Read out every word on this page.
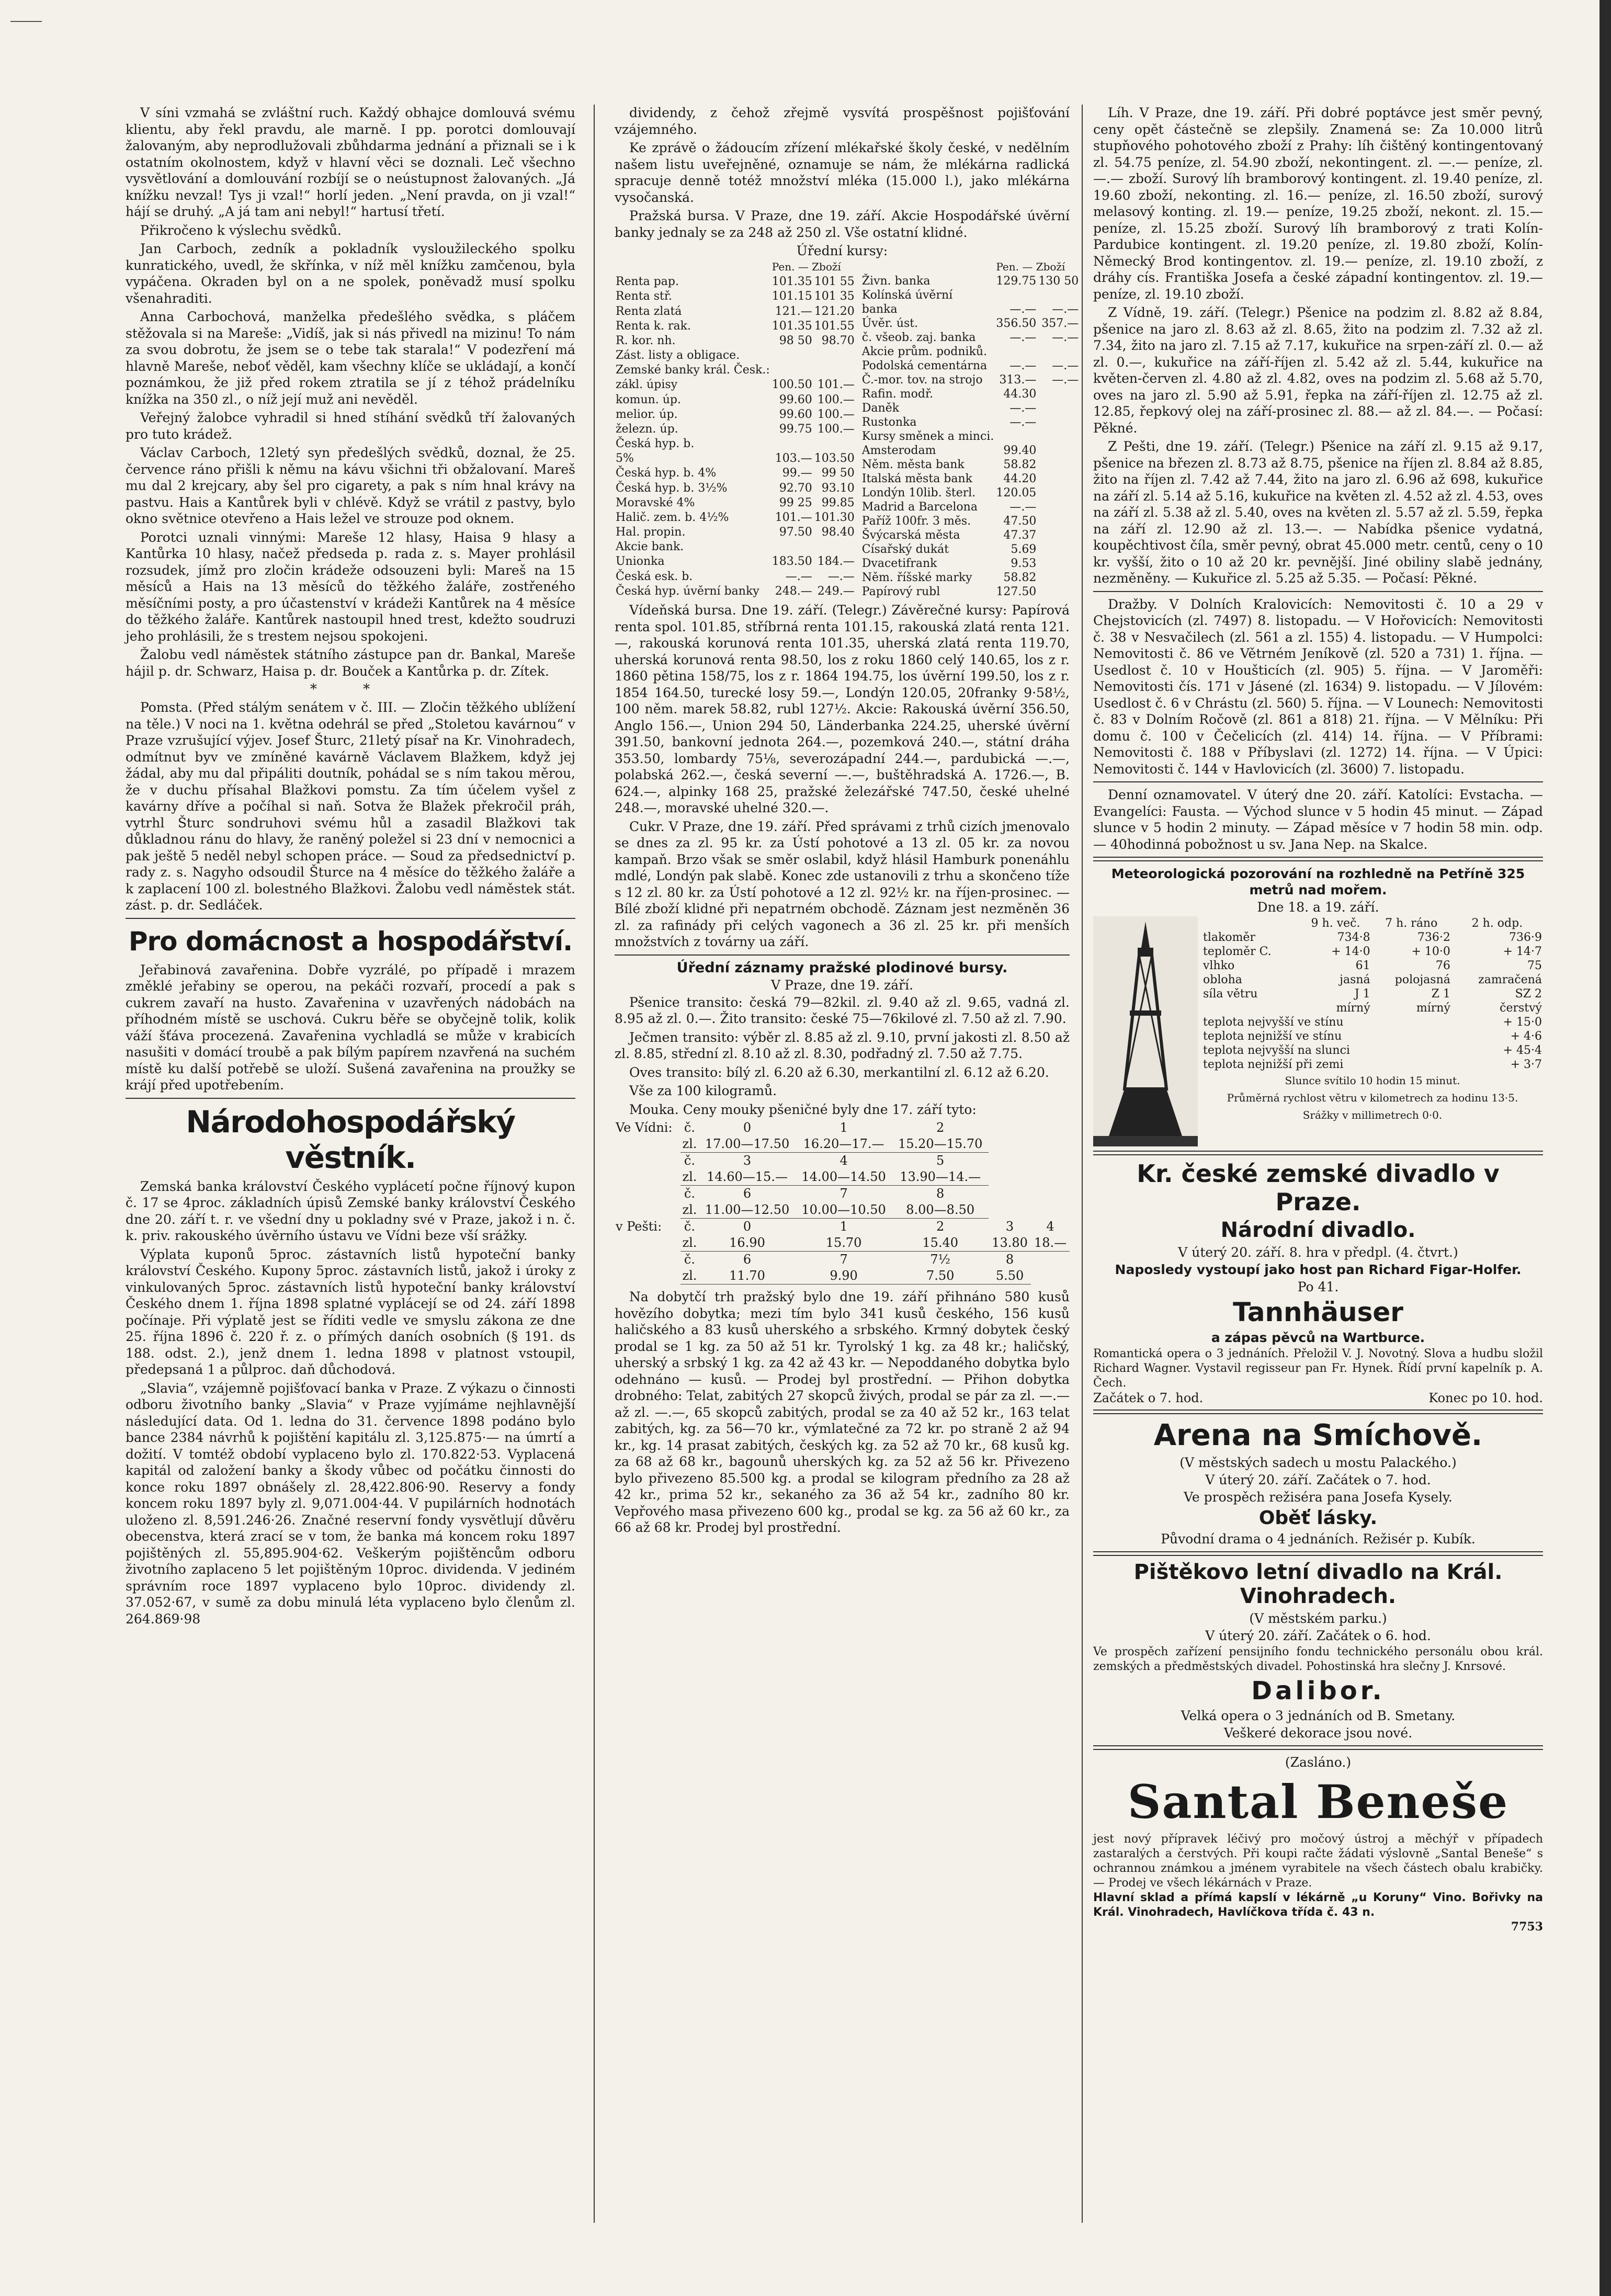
V síni vzmahá se zvláštní ruch. Každý obhajce domlouvá svému klientu, aby řekl pravdu, ale marně. I pp. porotci domlouvají žalovaným, aby neprodlužovali zbůhdarma jednání a přiznali se i k ostatním okolnostem, když v hlavní věci se doznali. Leč všechno vysvětlování a domlouvání rozbíjí se o neústupnost žalovaných. „Já knížku nevzal! Tys ji vzal!“ horlí jeden. „Není pravda, on ji vzal!“ hájí se druhý. „A já tam ani nebyl!“ hartusí třetí.

Přikročeno k výslechu svědků.

Jan Carboch, zedník a pokladník vysloužileckého spolku kunratického, uvedl, že skřínka, v níž měl knížku zamčenou, byla vypáčena. Okraden byl on a ne spolek, poněvadž musí spolku všenahraditi.

Anna Carbochová, manželka předešlého svědka, s pláčem stěžovala si na Mareše: „Vidíš, jak si nás přivedl na mizinu! To nám za svou dobrotu, že jsem se o tebe tak starala!“ V podezření má hlavně Mareše, neboť věděl, kam všechny klíče se ukládají, a končí poznámkou, že již před rokem ztratila se jí z téhož prádelníku knížka na 350 zl., o níž její muž ani nevěděl.

Veřejný žalobce vyhradil si hned stíhání svědků tří žalovaných pro tuto krádež.

Václav Carboch, 12letý syn předešlých svědků, doznal, že 25. července ráno přišli k němu na kávu všichni tři obžalovaní. Mareš mu dal 2 krejcary, aby šel pro cigarety, a pak s ním hnal krávy na pastvu. Hais a Kantůrek byli v chlévě. Když se vrátil z pastvy, bylo okno světnice otevřeno a Hais ležel ve strouze pod oknem.

Porotci uznali vinnými: Mareše 12 hlasy, Haisa 9 hlasy a Kantůrka 10 hlasy, načež předseda p. rada z. s. Mayer prohlásil rozsudek, jímž pro zločin krádeže odsouzeni byli: Mareš na 15 měsíců a Hais na 13 měsíců do těžkého žaláře, zostřeného měsíčními posty, a pro účastenství v krádeži Kantůrek na 4 měsíce do těžkého žaláře. Kantůrek nastoupil hned trest, kdežto soudruzi jeho prohlásili, že s trestem nejsou spokojeni.

Žalobu vedl náměstek státního zástupce pan dr. Bankal, Mareše hájil p. dr. Schwarz, Haisa p. dr. Bouček a Kantůrka p. dr. Zítek.

* *

Pomsta. (Před stálým senátem v č. III. — Zločin těžkého ublížení na těle.) V noci na 1. května odehrál se před „Stoletou kavárnou“ v Praze vzrušující výjev. Josef Šturc, 21letý písař na Kr. Vinohradech, odmítnut byv ve zmíněné kavárně Václavem Blažkem, když jej žádal, aby mu dal připáliti doutník, pohádal se s ním takou měrou, že v duchu přísahal Blažkovi pomstu. Za tím účelem vyšel z kavárny dříve a počíhal si naň. Sotva že Blažek překročil práh, vytrhl Šturc sondruhovi svému hůl a zasadil Blažkovi tak důkladnou ránu do hlavy, že raněný poležel si 23 dní v nemocnici a pak ještě 5 neděl nebyl schopen práce. — Soud za předsednictví p. rady z. s. Nagyho odsoudil Šturce na 4 měsíce do těžkého žaláře a k zaplacení 100 zl. bolestného Blažkovi. Žalobu vedl náměstek stát. zást. p. dr. Sedláček.

Pro domácnost a hospodářství.

Jeřabinová zavařenina. Dobře vyzrálé, po případě i mrazem změklé jeřabiny se operou, na pekáči rozvaří, procedí a pak s cukrem zavaří na husto. Zavařenina v uzavřených nádobách na příhodném místě se uschová. Cukru běře se obyčejně tolik, kolik váží šťáva procezená. Zavařenina vychladlá se může v krabicích nasušiti v domácí troubě a pak bílým papírem nzavřená na suchém místě ku další potřebě se uloží. Sušená zavařenina na proužky se krájí před upotřebením.

Národohospodářský věstník.

Zemská banka království Českého vyplácetí počne říjnový kupon č. 17 se 4proc. základních úpisů Zemské banky království Českého dne 20. září t. r. ve všední dny u pokladny své v Praze, jakož i n. č. k. priv. rakouského úvěrního ústavu ve Vídni beze vší srážky.

Výplata kuponů 5proc. zástavních listů hypoteční banky království Českého. Kupony 5proc. zástavních listů, jakož i úroky z vinkulovaných 5proc. zástavních listů hypoteční banky království Českého dnem 1. října 1898 splatné vyplácejí se od 24. září 1898 počínaje. Při výplatě jest se říditi vedle ve smyslu zákona ze dne 25. října 1896 č. 220 ř. z. o přímých daních osobních (§ 191. ds 188. odst. 2.), jenž dnem 1. ledna 1898 v platnost vstoupil, předepsaná 1 a půlproc. daň důchodová.

„Slavia“, vzájemně pojišťovací banka v Praze. Z výkazu o činnosti odboru životního banky „Slavia“ v Praze vyjímáme nejhlavnější následující data. Od 1. ledna do 31. července 1898 podáno bylo bance 2384 návrhů k pojištění kapitálu zl. 3,125.875·— na úmrtí a dožití. V tomtéž období vyplaceno bylo zl. 170.822·53. Vyplacená kapitál od založení banky a škody vůbec od počátku činnosti do konce roku 1897 obnášely zl. 28,422.806·90. Reservy a fondy koncem roku 1897 byly zl. 9,071.004·44. V pupilárních hodnotách uloženo zl. 8,591.246·26. Značné reservní fondy vysvětlují důvěru obecenstva, která zrací se v tom, že banka má koncem roku 1897 pojištěných zl. 55,895.904·62. Veškerým pojištěncům odboru životního zaplaceno 5 let pojištěným 10proc. dividenda. V jediném správním roce 1897 vyplaceno bylo 10proc. dividendy zl. 37.052·67, v sumě za dobu minulá léta vyplaceno bylo členům zl. 264.869·98

dividendy, z čehož zřejmě vysvítá prospěšnost pojišťování vzájemného.

Ke zprávě o žádoucím zřízení mlékařské školy české, v nedělním našem listu uveřejněné, oznamuje se nám, že mlékárna radlická spracuje denně totéž množství mléka (15.000 l.), jako mlékárna vysočanská.

Pražská bursa. V Praze, dne 19. září. Akcie Hospodářské úvěrní banky jednaly se za 248 až 250 zl. Vše ostatní klidné.

Úřední kursy:
	Pen. — Zboží	
Renta pap.	101.35	101 55
Renta stř.	101.15	101 35
Renta zlatá	121.—	121.20
Renta k. rak.	101.35	101.55
R. kor. nh.	98 50	98.70
Zást. listy a obligace.		
Zemské banky král. Česk.:		
zákl. úpisy	100.50	101.—
komun. úp.	99.60	100.—
melior. úp.	99.60	100.—
železn. úp.	99.75	100.—
Česká hyp. b.		
5%	103.—	103.50
Česká hyp. b. 4%	99.—	99 50
Česká hyp. b. 3½%	92.70	93.10
Moravské 4%	99 25	99.85
Halič. zem. b. 4½%	101.—	101.30
Hal. propin.	97.50	98.40
Akcie bank.		
Unionka	183.50	184.—
Česká esk. b.	—.—	—.—
Česká hyp. úvěrní banky	248.—	249.—
	Pen. — Zboží	
Živn. banka	129.75	130 50
Kolínská úvěrní		
banka	—.—	—.—
Úvěr. úst.	356.50	357.—
č. všeob. zaj. banka	—.—	—.—
Akcie prům. podniků.		
Podolská cementárna	—.—	—.—
Č.-mor. tov. na strojo	313.—	—.—
Rafin. modř.	44.30	
Daněk	—.—	
Rustonka	—.—	
Kursy směnek a minci.		
Amsterodam	99.40	
Něm. města bank	58.82	
Italská města bank	44.20	
Londýn 10lib. šterl.	120.05	
Madrid a Barcelona	—.—	
Paříž 100fr. 3 měs.	47.50	
Švýcarská města	47.37	
Císařský dukát	5.69	
Dvacetifrank	9.53	
Něm. říšské marky	58.82	
Papírový rubl	127.50	

Vídeňská bursa. Dne 19. září. (Telegr.) Závěrečné kursy: Papírová renta spol. 101.85, stříbrná renta 101.15, rakouská zlatá renta 121.—, rakouská korunová renta 101.35, uherská zlatá renta 119.70, uherská korunová renta 98.50, los z roku 1860 celý 140.65, los z r. 1860 pětina 158/75, los z r. 1864 194.75, los úvěrní 199.50, los z r. 1854 164.50, turecké losy 59.—, Londýn 120.05, 20franky 9·58½, 100 něm. marek 58.82, rubl 127½. Akcie: Rakouská úvěrní 356.50, Anglo 156.—, Union 294 50, Länderbanka 224.25, uherské úvěrní 391.50, bankovní jednota 264.—, pozemková 240.—, státní dráha 353.50, lombardy 75⅛, severozápadní 244.—, pardubická —.—, polabská 262.—, česká severní —.—, buštěhradská A. 1726.—, B. 624.—, alpinky 168 25, pražské železářské 747.50, české uhelné 248.—, moravské uhelné 320.—.

Cukr. V Praze, dne 19. září. Před správami z trhů cizích jmenovalo se dnes za zl. 95 kr. za Ústí pohotové a 13 zl. 05 kr. za novou kampaň. Brzo však se směr oslabil, když hlásil Hamburk ponenáhlu mdlé, Londýn pak slabě. Konec zde ustanovili z trhu a skončeno tíže s 12 zl. 80 kr. za Ústí pohotové a 12 zl. 92½ kr. na říjen-prosinec. — Bílé zboží klidné při nepatrném obchodě. Záznam jest nezměněn 36 zl. za rafinády při celých vagonech a 36 zl. 25 kr. při menších množstvích z továrny ua září.

Úřední záznamy pražské plodinové bursy.
V Praze, dne 19. září.

Pšenice transito: česká 79—82kil. zl. 9.40 až zl. 9.65, vadná zl. 8.95 až zl. 0.—. Žito transito: české 75—76kilové zl. 7.50 až zl. 7.90.

Ječmen transito: výběr zl. 8.85 až zl. 9.10, první jakosti zl. 8.50 až zl. 8.85, střední zl. 8.10 až zl. 8.30, podřadný zl. 7.50 až 7.75.

Oves transito: bílý zl. 6.20 až 6.30, merkantilní zl. 6.12 až 6.20.

Vše za 100 kilogramů.

Mouka. Ceny mouky pšeničné byly dne 17. září tyto:

Ve Vídni:	č.	0	1	2		
	zl.	17.00—17.50	16.20—17.—	15.20—15.70		
	č.	3	4	5		
	zl.	14.60—15.—	14.00—14.50	13.90—14.—		
	č.	6	7	8		
	zl.	11.00—12.50	10.00—10.50	8.00—8.50		
v Pešti:	č.	0	1	2	3	4
	zl.	16.90	15.70	15.40	13.80	18.—
	č.	6	7	7½	8	
	zl.	11.70	9.90	7.50	5.50	

Na dobytčí trh pražský bylo dne 19. září přihnáno 580 kusů hovězího dobytka; mezi tím bylo 341 kusů českého, 156 kusů haličského a 83 kusů uherského a srbského. Krmný dobytek český prodal se 1 kg. za 50 až 51 kr. Tyrolský 1 kg. za 48 kr.; haličský, uherský a srbský 1 kg. za 42 až 43 kr. — Nepoddaného dobytka bylo odehnáno — kusů. — Prodej byl prostřední. — Přihon dobytka drobného: Telat, zabitých 27 skopců živých, prodal se pár za zl. —.— až zl. —.—, 65 skopců zabitých, prodal se za 40 až 52 kr., 163 telat zabitých, kg. za 56—70 kr., výmlatečné za 72 kr. po straně 2 až 94 kr., kg. 14 prasat zabitých, českých kg. za 52 až 70 kr., 68 kusů kg. za 68 až 68 kr., bagounů uherských kg. za 52 až 56 kr. Přivezeno bylo přivezeno 85.500 kg. a prodal se kilogram předního za 28 až 42 kr., prima 52 kr., sekaného za 36 až 54 kr., zadního 80 kr. Vepřového masa přivezeno 600 kg., prodal se kg. za 56 až 60 kr., za 66 až 68 kr. Prodej byl prostřední.

Líh. V Praze, dne 19. září. Při dobré poptávce jest směr pevný, ceny opět částečně se zlepšily. Znamená se: Za 10.000 litrů stupňového pohotového zboží z Prahy: líh čištěný kontingentovaný zl. 54.75 peníze, zl. 54.90 zboží, nekontingent. zl. —.— peníze, zl. —.— zboží. Surový líh bramborový kontingent. zl. 19.40 peníze, zl. 19.60 zboží, nekonting. zl. 16.— peníze, zl. 16.50 zboží, surový melasový konting. zl. 19.— peníze, 19.25 zboží, nekont. zl. 15.— peníze, zl. 15.25 zboží. Surový líh bramborový z trati Kolín-Pardubice kontingent. zl. 19.20 peníze, zl. 19.80 zboží, Kolín-Německý Brod kontingentov. zl. 19.— peníze, zl. 19.10 zboží, z dráhy cís. Františka Josefa a české západní kontingentov. zl. 19.— peníze, zl. 19.10 zboží.

Z Vídně, 19. září. (Telegr.) Pšenice na podzim zl. 8.82 až 8.84, pšenice na jaro zl. 8.63 až zl. 8.65, žito na podzim zl. 7.32 až zl. 7.34, žito na jaro zl. 7.15 až 7.17, kukuřice na srpen-září zl. 0.— až zl. 0.—, kukuřice na září-říjen zl. 5.42 až zl. 5.44, kukuřice na květen-červen zl. 4.80 až zl. 4.82, oves na podzim zl. 5.68 až 5.70, oves na jaro zl. 5.90 až 5.91, řepka na září-říjen zl. 12.75 až zl. 12.85, řepkový olej na září-prosinec zl. 88.— až zl. 84.—. — Počasí: Pěkné.

Z Pešti, dne 19. září. (Telegr.) Pšenice na září zl. 9.15 až 9.17, pšenice na březen zl. 8.73 až 8.75, pšenice na říjen zl. 8.84 až 8.85, žito na říjen zl. 7.42 až 7.44, žito na jaro zl. 6.96 až 698, kukuřice na září zl. 5.14 až 5.16, kukuřice na květen zl. 4.52 až zl. 4.53, oves na září zl. 5.38 až zl. 5.40, oves na květen zl. 5.57 až zl. 5.59, řepka na září zl. 12.90 až zl. 13.—. — Nabídka pšenice vydatná, koupěchtivost číla, směr pevný, obrat 45.000 metr. centů, ceny o 10 kr. vyšší, žito o 10 až 20 kr. pevnější. Jiné obiliny slabě jednány, nezměněny. — Kukuřice zl. 5.25 až 5.35. — Počasí: Pěkné.

Dražby. V Dolních Kralovicích: Nemovitosti č. 10 a 29 v Chejstovicích (zl. 7497) 8. listopadu. — V Hořovicích: Nemovitosti č. 38 v Nesvačilech (zl. 561 a zl. 155) 4. listopadu. — V Humpolci: Nemovitosti č. 86 ve Větrném Jeníkově (zl. 520 a 731) 1. října. — Usedlost č. 10 v Houšticích (zl. 905) 5. října. — V Jaroměři: Nemovitosti čís. 171 v Jásené (zl. 1634) 9. listopadu. — V Jílovém: Usedlost č. 6 v Chrástu (zl. 560) 5. října. — V Lounech: Nemovitosti č. 83 v Dolním Ročově (zl. 861 a 818) 21. října. — V Mělníku: Při domu č. 100 v Čečelicích (zl. 414) 14. října. — V Příbrami: Nemovitosti č. 188 v Příbyslavi (zl. 1272) 14. října. — V Úpici: Nemovitosti č. 144 v Havlovicích (zl. 3600) 7. listopadu.

Denní oznamovatel. V úterý dne 20. září. Katolíci: Evstacha. — Evangelíci: Fausta. — Východ slunce v 5 hodin 45 minut. — Západ slunce v 5 hodin 2 minuty. — Západ měsíce v 7 hodin 58 min. odp. — 40hodinná pobožnost u sv. Jana Nep. na Skalce.

Meteorologická pozorování na rozhledně na Petříně 325 metrů nad mořem.
Dne 18. a 19. září.
	9 h. več.	7 h. ráno	2 h. odp.
tlakoměr	734·8	736·2	736·9
teploměr C.	+ 14·0	+ 10·0	+ 14·7
vlhko	61	76	75
obloha	jasná	polojasná	zamračená
síla větru	J 1	Z 1	SZ 2
	mírný	mírný	čerstvý
teplota nejvyšší ve stínu	+ 15·0
teplota nejnižší ve stínu	+ 4·6
teplota nejvyšší na slunci	+ 45·4
teplota nejnižší při zemi	+ 3·7
Slunce svítilo 10 hodin 15 minut.
Průměrná rychlost větru v kilometrech za hodinu 13·5.
Srážky v millimetrech 0·0.
Kr. české zemské divadlo v Praze.
Národní divadlo.
V úterý 20. září. 8. hra v předpl. (4. čtvrt.)
Naposledy vystoupí jako host pan Richard Figar-Holfer.
Po 41.
Tannhäuser
a zápas pěvců na Wartburce.
Romantická opera o 3 jednáních. Přeložil V. J. Novotný. Slova a hudbu složil Richard Wagner. Vystavil regisseur pan Fr. Hynek. Řídí první kapelník p. A. Čech.
Začátek o 7. hod.	Konec po 10. hod.
Arena na Smíchově.
(V městských sadech u mostu Palackého.)
V úterý 20. září. Začátek o 7. hod.
Ve prospěch režiséra pana Josefa Kysely.
Oběť lásky.
Původní drama o 4 jednáních. Režisér p. Kubík.
Pištěkovo letní divadlo na Král. Vinohradech.
(V městském parku.)
V úterý 20. září. Začátek o 6. hod.
Ve prospěch zařízení pensijního fondu technického personálu obou král. zemských a předměstských divadel. Pohostinská hra slečny J. Knrsové.
Dalibor.
Velká opera o 3 jednáních od B. Smetany.
Veškeré dekorace jsou nové.
(Zasláno.)
Santal Beneše
jest nový přípravek léčivý pro močový ústroj a měchýř v případech zastaralých a čerstvých. Při koupi račte žádati výslovně „Santal Beneše“ s ochrannou známkou a jménem vyrabitele na všech částech obalu krabičky. — Prodej ve všech lékárnách v Praze.
Hlavní sklad a přímá kapslí v lékárně „u Koruny“ Vino. Bořivky na Král. Vinohradech, Havlíčkova třída č. 43 n.
7753
